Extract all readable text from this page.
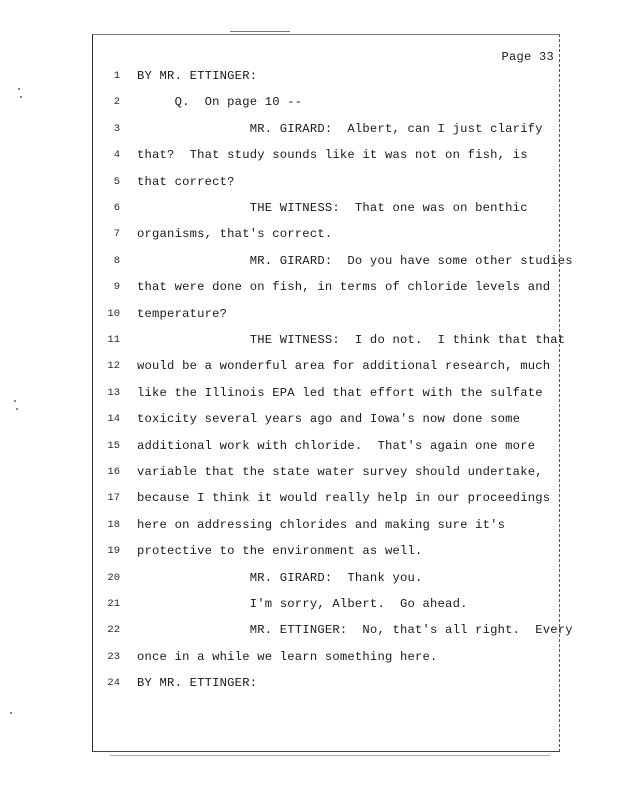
Page 33
1 BY MR. ETTINGER:
2 Q.  On page 10 --
3 MR. GIRARD:  Albert, can I just clarify
4 that?  That study sounds like it was not on fish, is
5 that correct?
6 THE WITNESS:  That one was on benthic
7 organisms, that's correct.
8 MR. GIRARD:  Do you have some other studies
9 that were done on fish, in terms of chloride levels and
10 temperature?
11 THE WITNESS:  I do not.  I think that that
12 would be a wonderful area for additional research, much
13 like the Illinois EPA led that effort with the sulfate
14 toxicity several years ago and Iowa's now done some
15 additional work with chloride.  That's again one more
16 variable that the state water survey should undertake,
17 because I think it would really help in our proceedings
18 here on addressing chlorides and making sure it's
19 protective to the environment as well.
20 MR. GIRARD:  Thank you.
21 I'm sorry, Albert.  Go ahead.
22 MR. ETTINGER:  No, that's all right.  Every
23 once in a while we learn something here.
24 BY MR. ETTINGER:
